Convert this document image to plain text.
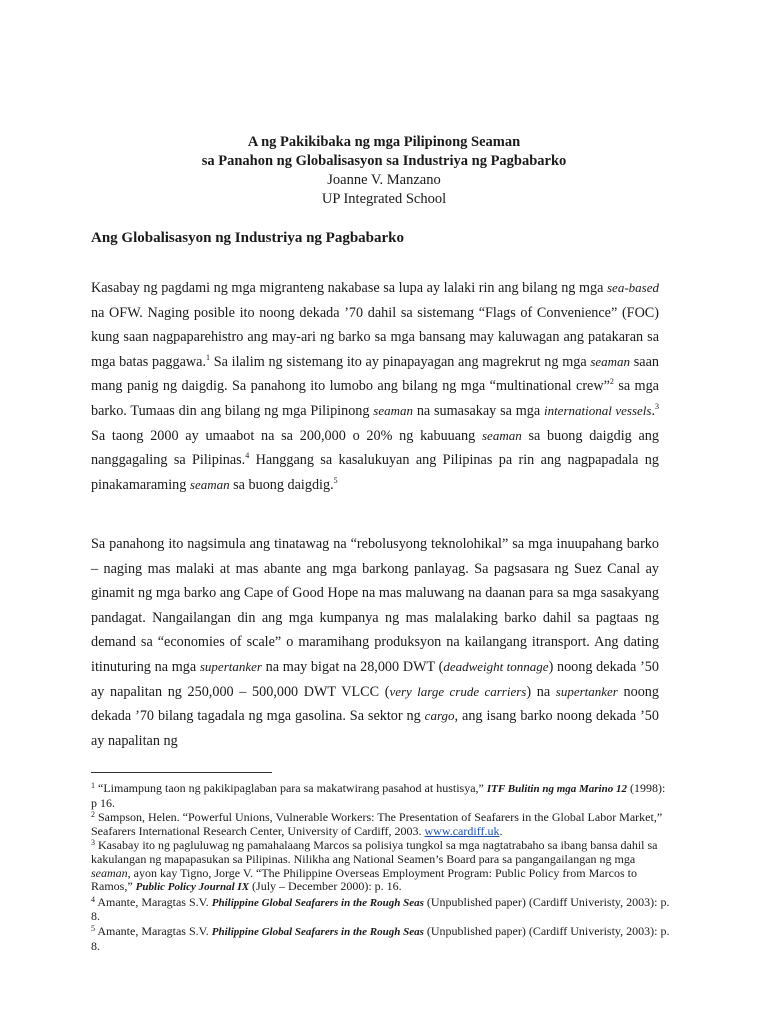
A ng Pakikibaka ng mga Pilipinong Seaman
sa Panahon ng Globalisasyon sa Industriya ng Pagbabarko
Joanne V. Manzano
UP Integrated School
Ang Globalisasyon ng Industriya ng Pagbabarko
Kasabay ng pagdami ng mga migranteng nakabase sa lupa ay lalaki rin ang bilang ng mga sea-based na OFW. Naging posible ito noong dekada ’70 dahil sa sistemang “Flags of Convenience” (FOC) kung saan nagpaparehistro ang may-ari ng barko sa mga bansang may kaluwagan ang patakaran sa mga batas paggawa.$^1$ Sa ilalim ng sistemang ito ay pinapayagan ang magrekrut ng mga seaman saan mang panig ng daigdig. Sa panahong ito lumobo ang bilang ng mga “multinational crew”$^2$ sa mga barko. Tumaas din ang bilang ng mga Pilipinong seaman na sumasakay sa mga international vessels.$^3$ Sa taong 2000 ay umaabot na sa 200,000 o 20% ng kabuuang seaman sa buong daigdig ang nanggagaling sa Pilipinas.$^4$ Hanggang sa kasalukuyan ang Pilipinas pa rin ang nagpapadala ng pinakamaraming seaman sa buong daigdig.$^5$
Sa panahong ito nagsimula ang tinatawag na “rebolusyong teknolohikal” sa mga inuupahang barko – naging mas malaki at mas abante ang mga barkong panlayag. Sa pagsasara ng Suez Canal ay ginamit ng mga barko ang Cape of Good Hope na mas maluwang na daanan para sa mga sasakyang pandagat. Nangailangan din ang mga kumpanya ng mas malalaking barko dahil sa pagtaas ng demand sa “economies of scale” o maramihang produksyon na kailangang itransport. Ang dating itinuturing na mga supertanker na may bigat na 28,000 DWT (deadweight tonnage) noong dekada ’50 ay napalitan ng 250,000 – 500,000 DWT VLCC (very large crude carriers) na supertanker noong dekada ’70 bilang tagadala ng mga gasolina. Sa sektor ng cargo, ang isang barko noong dekada ’50 ay napalitan ng
$^1$ “Limampung taon ng pakikipaglaban para sa makatwirang pasahod at hustisya,” ITF Bulitin ng mga Marino 12 (1998): p 16.
$^2$ Sampson, Helen. “Powerful Unions, Vulnerable Workers: The Presentation of Seafarers in the Global Labor Market,” Seafarers International Research Center, University of Cardiff, 2003. www.cardiff.uk.
$^3$ Kasabay ito ng pagluluwag ng pamahalaang Marcos sa polisiya tungkol sa mga nagtatrabaho sa ibang bansa dahil sa kakulangan ng mapapasukan sa Pilipinas. Nilikha ang National Seamen’s Board para sa pangangailangan ng mga seaman, ayon kay Tigno, Jorge V. “The Philippine Overseas Employment Program: Public Policy from Marcos to Ramos,” Public Policy Journal IX (July – December 2000): p. 16.
$^4$ Amante, Maragtas S.V. Philippine Global Seafarers in the Rough Seas (Unpublished paper) (Cardiff Univeristy, 2003): p. 8.
$^5$ Amante, Maragtas S.V. Philippine Global Seafarers in the Rough Seas (Unpublished paper) (Cardiff Univeristy, 2003): p. 8.
